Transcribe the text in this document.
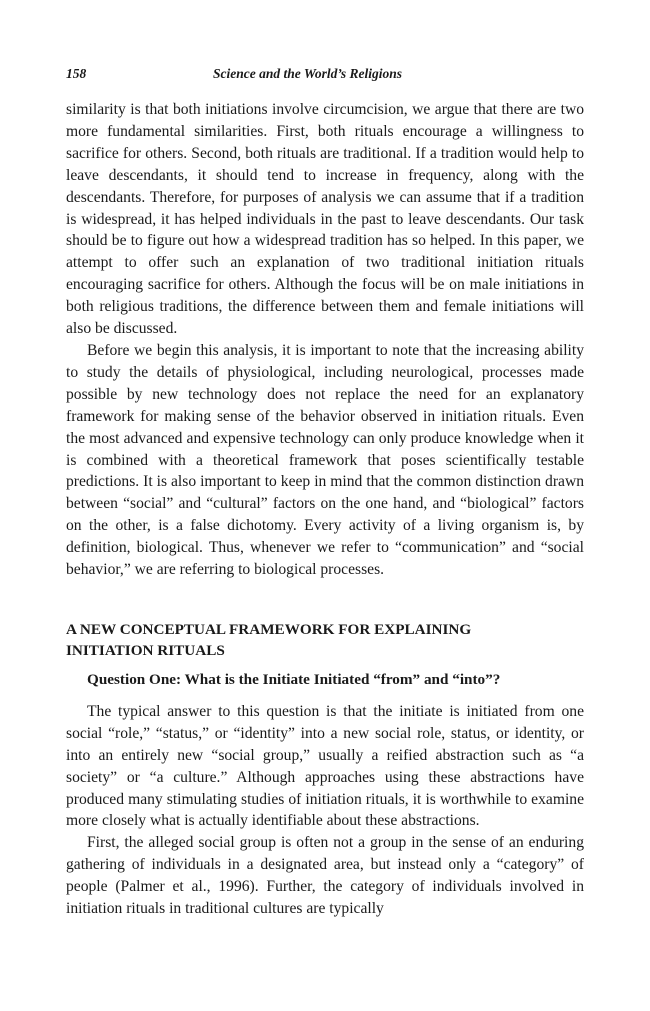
158	Science and the World’s Religions

similarity is that both initiations involve circumcision, we argue that there are two more fundamental similarities. First, both rituals encourage a willingness to sacrifice for others. Second, both rituals are traditional. If a tradition would help to leave descendants, it should tend to increase in frequency, along with the descendants. Therefore, for purposes of analysis we can assume that if a tradition is widespread, it has helped individuals in the past to leave descendants. Our task should be to figure out how a widespread tradition has so helped. In this paper, we attempt to offer such an explanation of two traditional initiation rituals encouraging sacrifice for others. Although the focus will be on male initiations in both religious traditions, the difference between them and female initiations will also be discussed.

Before we begin this analysis, it is important to note that the increasing ability to study the details of physiological, including neurological, processes made possible by new technology does not replace the need for an explanatory framework for making sense of the behavior observed in initiation rituals. Even the most advanced and expensive technology can only produce knowledge when it is combined with a theoretical framework that poses scientifically testable predictions. It is also important to keep in mind that the common distinction drawn between “social” and “cultural” factors on the one hand, and “biological” factors on the other, is a false dichotomy. Every activity of a living organism is, by definition, biological. Thus, whenever we refer to “communication” and “social behavior,” we are referring to biological processes.

A NEW CONCEPTUAL FRAMEWORK FOR EXPLAINING INITIATION RITUALS
Question One: What is the Initiate Initiated “from” and “into”?

The typical answer to this question is that the initiate is initiated from one social “role,” “status,” or “identity” into a new social role, status, or identity, or into an entirely new “social group,” usually a reified abstraction such as “a society” or “a culture.” Although approaches using these abstractions have produced many stimulating studies of initiation rituals, it is worthwhile to examine more closely what is actually identifiable about these abstractions.

First, the alleged social group is often not a group in the sense of an enduring gathering of individuals in a designated area, but instead only a “category” of people (Palmer et al., 1996). Further, the category of individuals involved in initiation rituals in traditional cultures are typically
